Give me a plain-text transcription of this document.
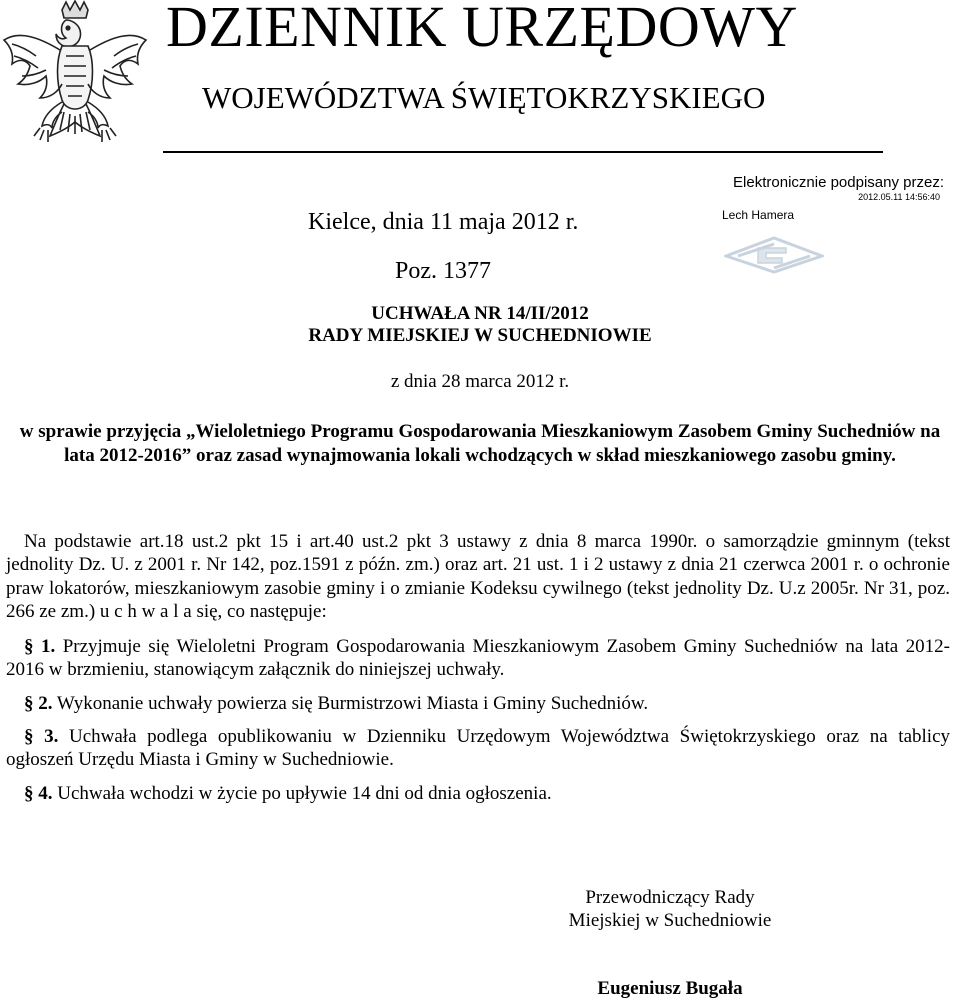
DZIENNIK URZĘDOWY
WOJEWÓDZTWA ŚWIĘTOKRZYSKIEGO
Elektronicznie podpisany przez:
2012.05.11 14:56:40
Lech Hamera
Kielce, dnia 11 maja 2012 r.
Poz. 1377
UCHWAŁA NR 14/II/2012
RADY MIEJSKIEJ W SUCHEDNIOWIE
z dnia 28 marca 2012 r.
w sprawie przyjęcia „Wieloletniego Programu Gospodarowania Mieszkaniowym Zasobem Gminy Suchedniów na lata 2012-2016” oraz zasad wynajmowania lokali wchodzących w skład mieszkaniowego zasobu gminy.

Na podstawie art.18 ust.2 pkt 15 i art.40 ust.2 pkt 3 ustawy z dnia 8 marca 1990r. o samorządzie gminnym (tekst jednolity Dz. U. z 2001 r. Nr 142, poz.1591 z późn. zm.) oraz art. 21 ust. 1 i 2 ustawy z dnia 21 czerwca 2001 r. o ochronie praw lokatorów, mieszkaniowym zasobie gminy i o zmianie Kodeksu cywilnego (tekst jednolity Dz. U.z 2005r. Nr 31, poz. 266 ze zm.) u c h w a l a się, co następuje:

§ 1. Przyjmuje się Wieloletni Program Gospodarowania Mieszkaniowym Zasobem Gminy Suchedniów na lata 2012-2016 w brzmieniu, stanowiącym załącznik do niniejszej uchwały.

§ 2. Wykonanie uchwały powierza się Burmistrzowi Miasta i Gminy Suchedniów.

§ 3. Uchwała podlega opublikowaniu w Dzienniku Urzędowym Województwa Świętokrzyskiego oraz na tablicy ogłoszeń Urzędu Miasta i Gminy w Suchedniowie.

§ 4. Uchwała wchodzi w życie po upływie 14 dni od dnia ogłoszenia.

Przewodniczący Rady
Miejskiej w Suchedniowie
Eugeniusz Bugała
